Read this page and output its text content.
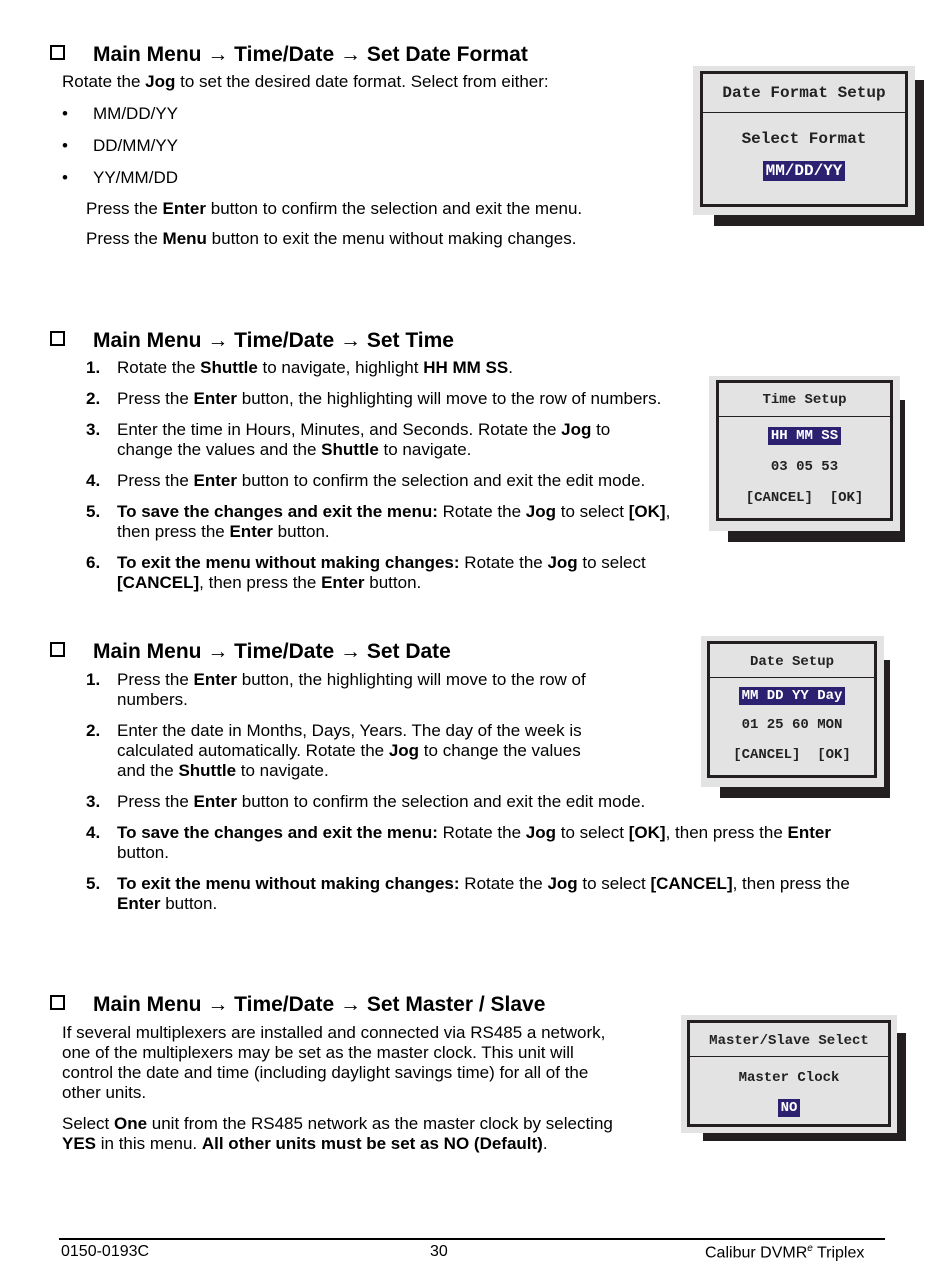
Main Menu → Time/Date → Set Date Format
Rotate the Jog to set the desired date format. Select from either:
• MM/DD/YY
• DD/MM/YY
• YY/MM/DD
Press the Enter button to confirm the selection and exit the menu.
Press the Menu button to exit the menu without making changes.
Date Format Setup
Select Format
MM/DD/YY
Main Menu → Time/Date → Set Time
1. Rotate the Shuttle to navigate, highlight HH MM SS.
2. Press the Enter button, the highlighting will move to the row of numbers.
3. Enter the time in Hours, Minutes, and Seconds. Rotate the Jog to
change the values and the Shuttle to navigate.
4. Press the Enter button to confirm the selection and exit the edit mode.
5. To save the changes and exit the menu: Rotate the Jog to select [OK],
then press the Enter button.
6. To exit the menu without making changes: Rotate the Jog to select
[CANCEL], then press the Enter button.
Time Setup
HH MM SS
03 05 53
[CANCEL]  [OK]
Main Menu → Time/Date → Set Date
1. Press the Enter button, the highlighting will move to the row of
numbers.
2. Enter the date in Months, Days, Years. The day of the week is
calculated automatically. Rotate the Jog to change the values
and the Shuttle to navigate.
3. Press the Enter button to confirm the selection and exit the edit mode.
4. To save the changes and exit the menu: Rotate the Jog to select [OK], then press the Enter
button.
5. To exit the menu without making changes: Rotate the Jog to select [CANCEL], then press the
Enter button.
Date Setup
MM DD YY Day
01 25 60 MON
[CANCEL]  [OK]
Main Menu → Time/Date → Set Master / Slave
If several multiplexers are installed and connected via RS485 a network,
one of the multiplexers may be set as the master clock. This unit will
control the date and time (including daylight savings time) for all of the
other units.
Select One unit from the RS485 network as the master clock by selecting
YES in this menu. All other units must be set as NO (Default).
Master/Slave Select
Master Clock
NO
0150-0193C	30	Calibur DVMR$^e$ Triplex
